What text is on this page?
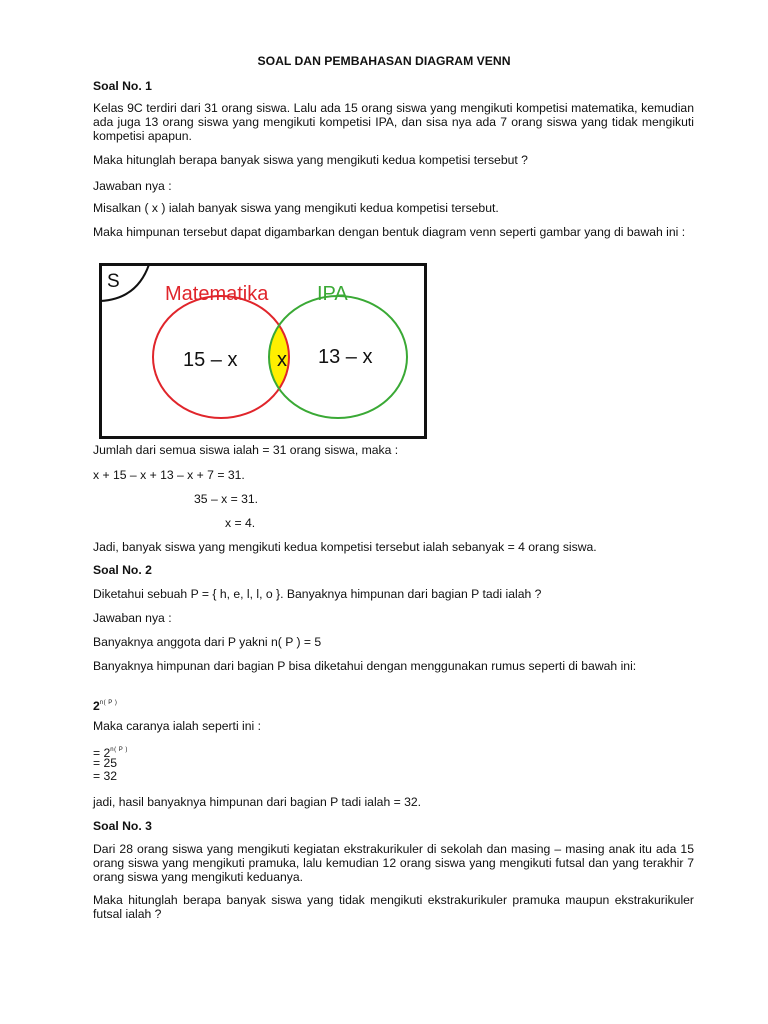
SOAL DAN PEMBAHASAN DIAGRAM VENN

Soal No. 1

Kelas 9C terdiri dari 31 orang siswa. Lalu ada 15 orang siswa yang mengikuti kompetisi matematika, kemudian ada juga 13 orang siswa yang mengikuti kompetisi IPA, dan sisa nya ada 7 orang siswa yang tidak mengikuti kompetisi apapun.

Maka hitunglah berapa banyak siswa yang mengikuti kedua kompetisi tersebut ?

Jawaban nya :

Misalkan ( x ) ialah banyak siswa yang mengikuti kedua kompetisi tersebut.

Maka himpunan tersebut dapat digambarkan dengan bentuk diagram venn seperti gambar yang di bawah ini :

S
Matematika IPA
15 – x x 13 – x

Jumlah dari semua siswa ialah = 31 orang siswa, maka :

x + 15 – x + 13 – x + 7 = 31.

35 – x = 31.

x = 4.

Jadi, banyak siswa yang mengikuti kedua kompetisi tersebut ialah sebanyak = 4 orang siswa.

Soal No. 2

Diketahui sebuah P = { h, e, l, l, o }. Banyaknya himpunan dari bagian P tadi ialah ?

Jawaban nya :

Banyaknya anggota dari P yakni n( P ) = 5

Banyaknya himpunan dari bagian P bisa diketahui dengan menggunakan rumus seperti di bawah ini:

$2^{n( P )}$

Maka caranya ialah seperti ini :

= $2^{n( P )}$

= 25

= 32

jadi, hasil banyaknya himpunan dari bagian P tadi ialah = 32.

Soal No. 3

Dari 28 orang siswa yang mengikuti kegiatan ekstrakurikuler di sekolah dan masing – masing anak itu ada 15 orang siswa yang mengikuti pramuka, lalu kemudian 12 orang siswa yang mengikuti futsal dan yang terakhir 7 orang siswa yang mengikuti keduanya.

Maka hitunglah berapa banyak siswa yang tidak mengikuti ekstrakurikuler pramuka maupun ekstrakurikuler futsal ialah ?
